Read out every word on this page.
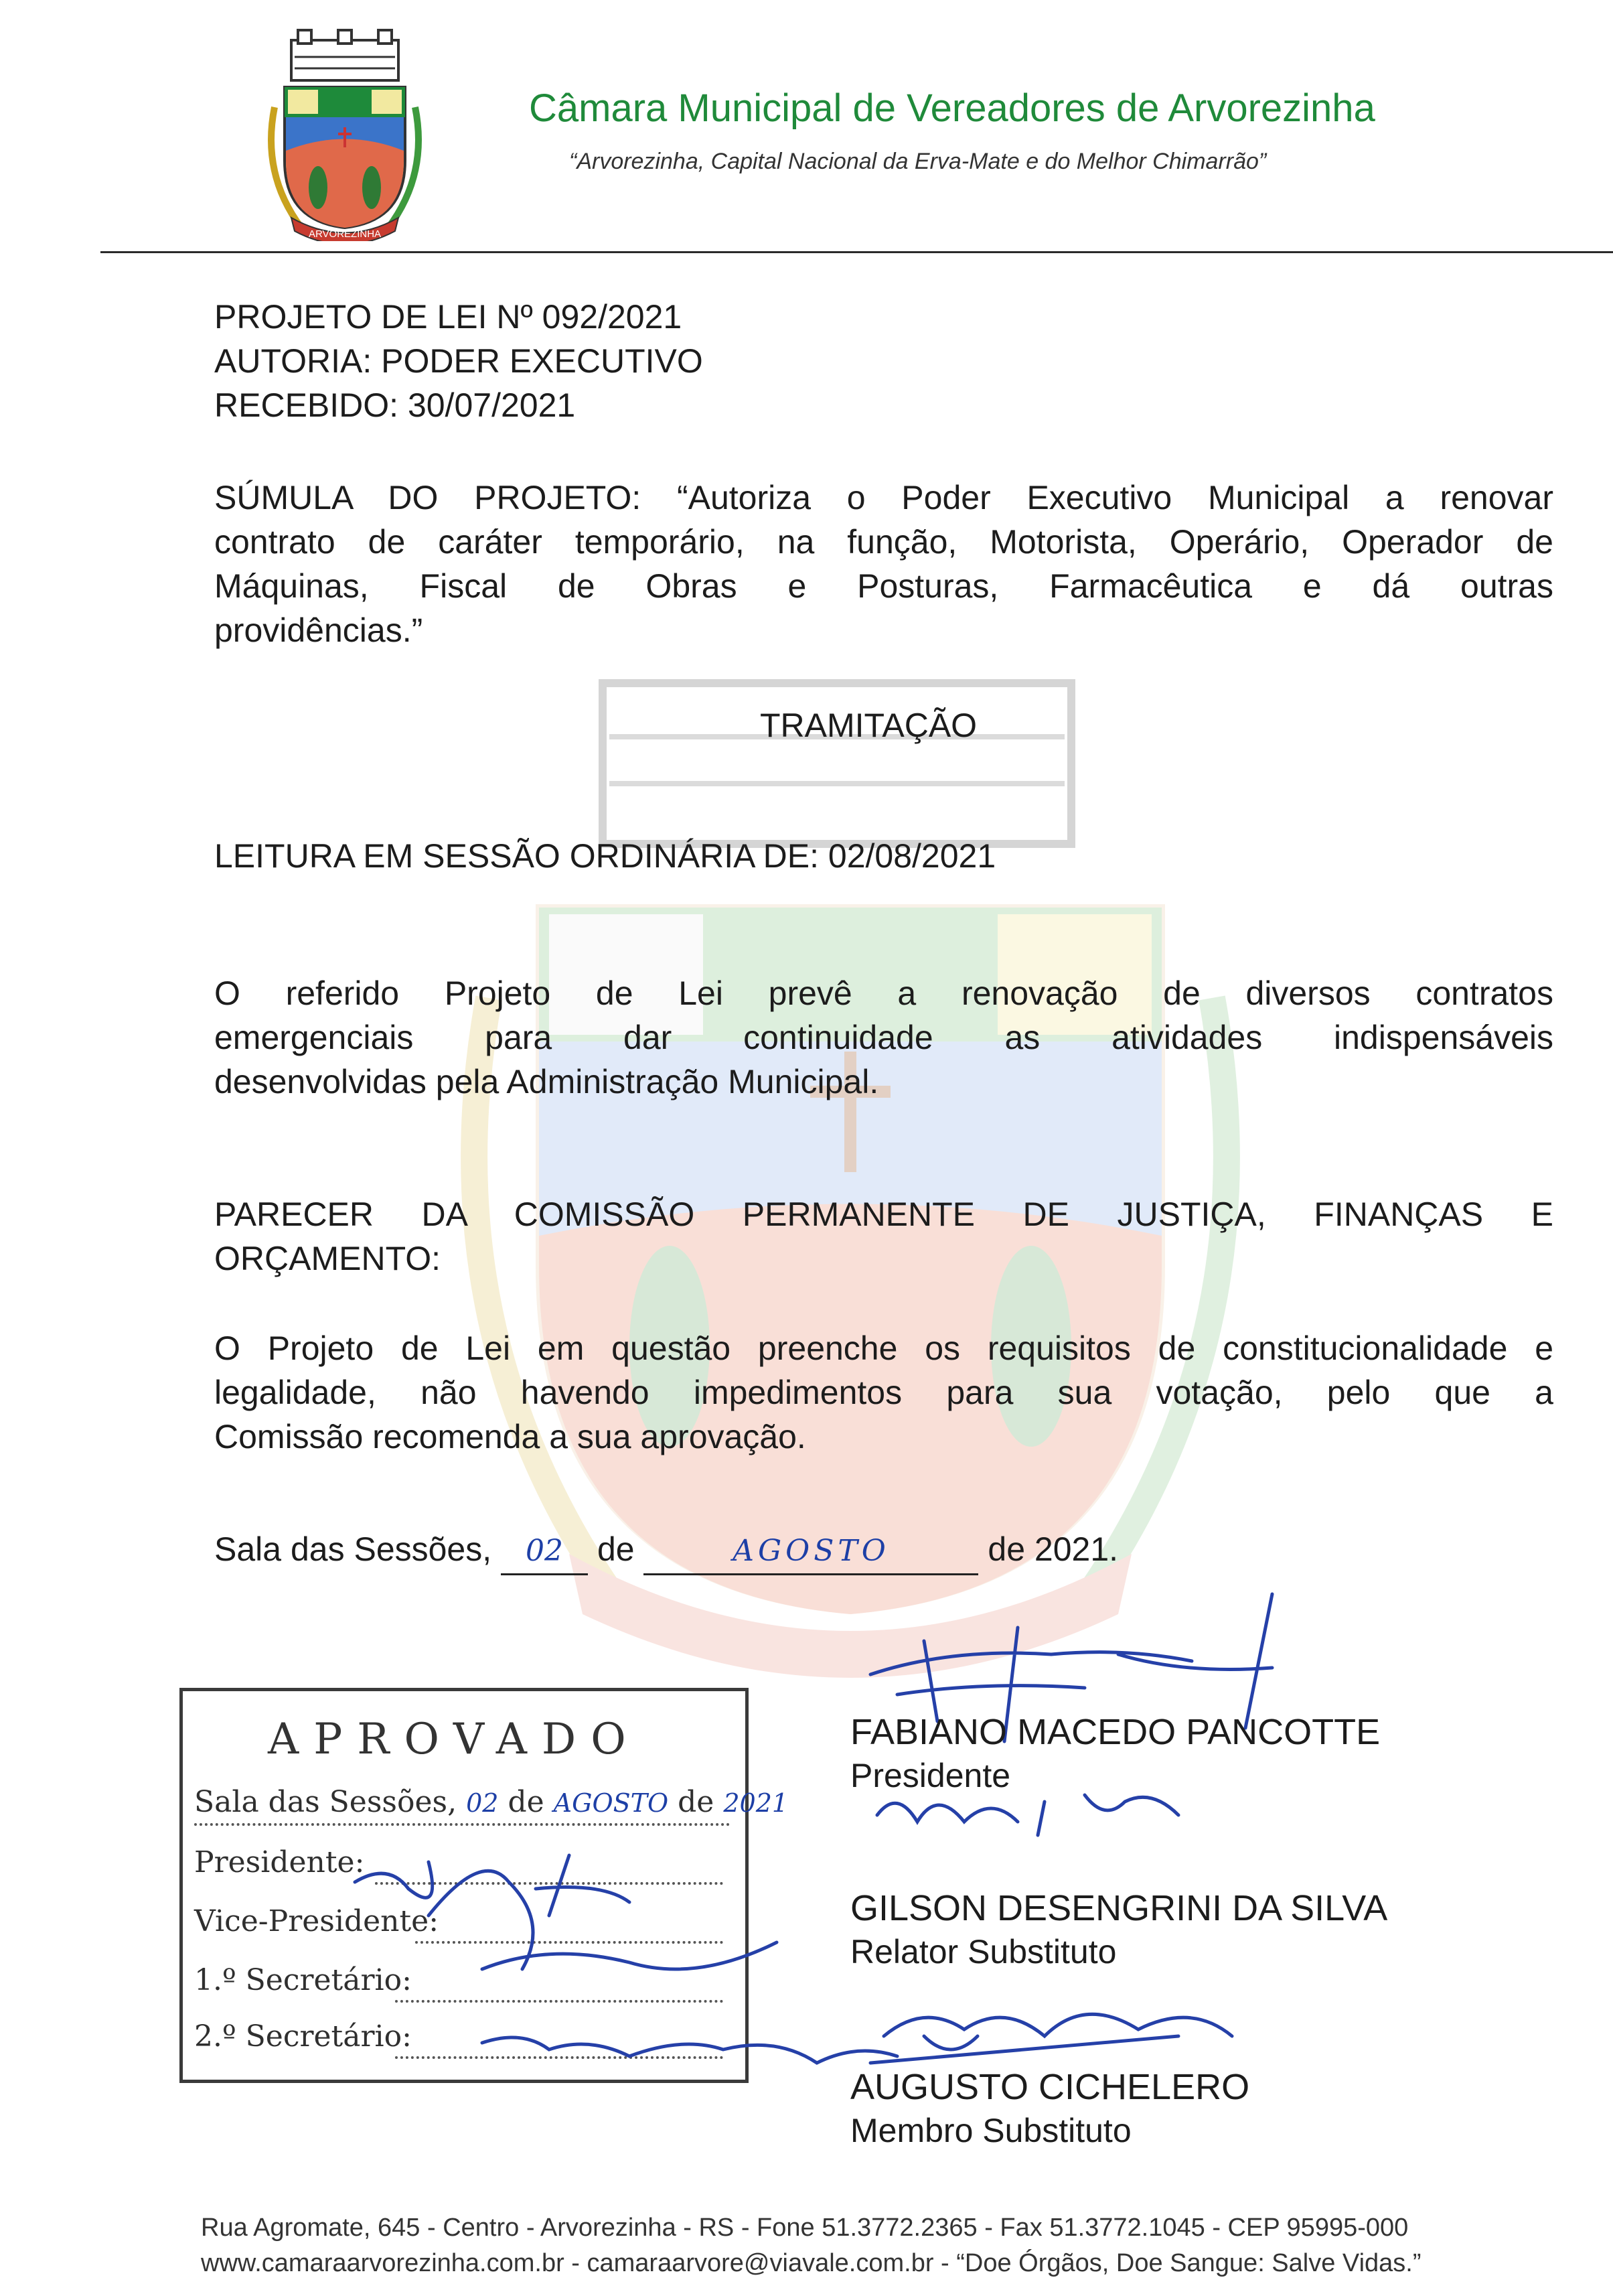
ARVOREZINHA
Câmara Municipal de Vereadores de Arvorezinha
“Arvorezinha, Capital Nacional da Erva-Mate e do Melhor Chimarrão”
PROJETO DE LEI Nº 092/2021
AUTORIA: PODER EXECUTIVO
RECEBIDO: 30/07/2021
SÚMULA DO PROJETO: “Autoriza o Poder Executivo Municipal a renovar
contrato de caráter temporário, na função, Motorista, Operário, Operador de
Máquinas, Fiscal de Obras e Posturas, Farmacêutica e dá outras
providências.”
TRAMITAÇÃO
LEITURA EM SESSÃO ORDINÁRIA DE: 02/08/2021
O referido Projeto de Lei prevê a renovação de diversos contratos
emergenciais para dar continuidade as atividades indispensáveis
desenvolvidas pela Administração Municipal.
PARECER DA COMISSÃO PERMANENTE DE JUSTIÇA, FINANÇAS E
ORÇAMENTO:
O Projeto de Lei em questão preenche os requisitos de constitucionalidade e
legalidade, não havendo impedimentos para sua votação, pelo que a
Comissão recomenda a sua aprovação.
Sala das Sessões, 02 de	AGOSTO	de 2021.
APROVADO
Sala das Sessões, 02 de AGOSTO de 2021
Presidente:
Vice-Presidente:
1.º Secretário:
2.º Secretário:
FABIANO MACEDO PANCOTTE
Presidente
GILSON DESENGRINI DA SILVA
Relator Substituto
AUGUSTO CICHELERO
Membro Substituto
Rua Agromate, 645 - Centro - Arvorezinha - RS - Fone 51.3772.2365 - Fax 51.3772.1045 - CEP 95995-000
www.camaraarvorezinha.com.br - camaraarvore@viavale.com.br - “Doe Órgãos, Doe Sangue: Salve Vidas.”
